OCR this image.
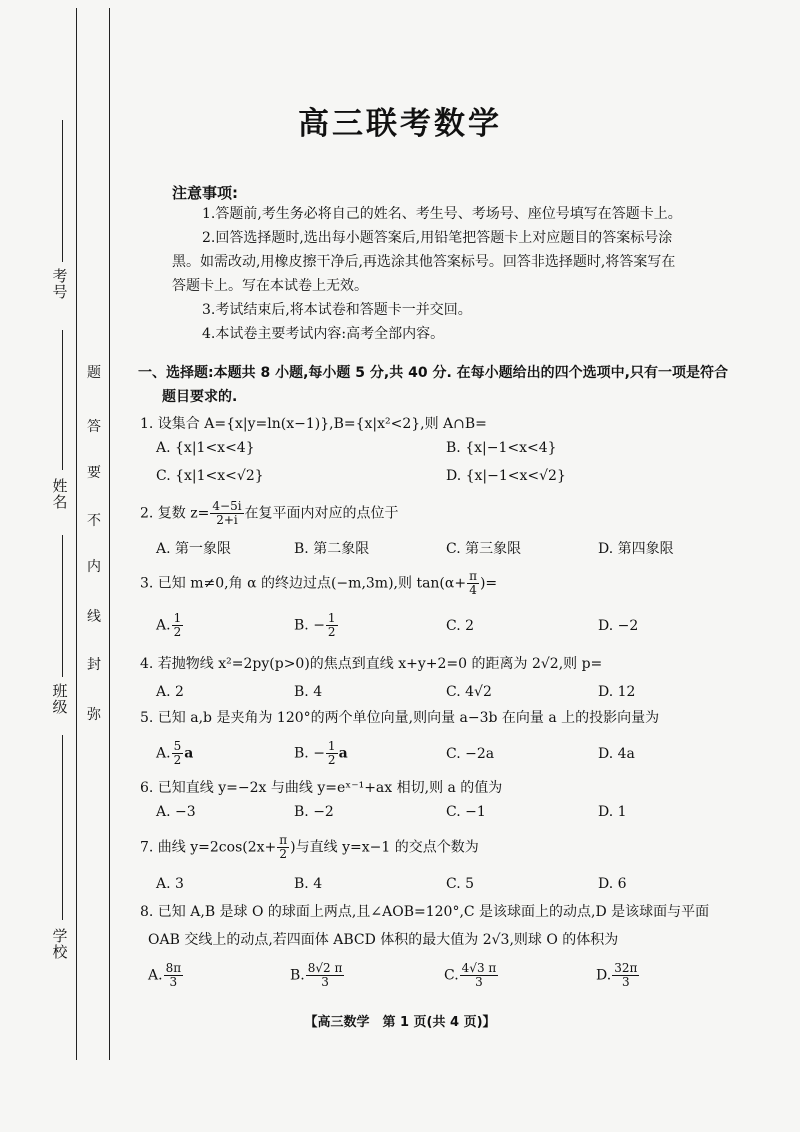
考号
姓名
班级
学校
题
答
要
不
内
线
封
弥
高三联考数学
注意事项:
1.答题前,考生务必将自己的姓名、考生号、考场号、座位号填写在答题卡上。
2.回答选择题时,选出每小题答案后,用铅笔把答题卡上对应题目的答案标号涂
黑。如需改动,用橡皮擦干净后,再选涂其他答案标号。回答非选择题时,将答案写在
答题卡上。写在本试卷上无效。
3.考试结束后,将本试卷和答题卡一并交回。
4.本试卷主要考试内容:高考全部内容。
一、选择题:本题共 8 小题,每小题 5 分,共 40 分. 在每小题给出的四个选项中,只有一项是符合
题目要求的.
1. 设集合 A={x|y=ln(x−1)},B={x|x²<2},则 A∩B=
A. {x|1<x<4}	B. {x|−1<x<4}
C. {x|1<x<√2}	D. {x|−1<x<√2}
2. 复数 $z= \frac{4-5i}{2+i}$ 在复平面内对应的点位于
A. 第一象限	B. 第二象限	C. 第三象限	D. 第四象限
3. 已知 m≠0,角 α 的终边过点(−m,3m),则 $\tan(\alpha+ \frac{\pi}{4}$ )=
A. $\frac{1}{2}$	B. − $\frac{1}{2}$	C. 2	D. −2
4. 若抛物线 x²=2py(p>0)的焦点到直线 x+y+2=0 的距离为 2√2,则 p=
A. 2	B. 4	C. 4√2	D. 12
5. 已知 a,b 是夹角为 120°的两个单位向量,则向量 a−3b 在向量 a 上的投影向量为
A. $\frac{5}{2}$ a	B. − $\frac{1}{2}$ a	C. −2a	D. 4a
6. 已知直线 y=−2x 与曲线 y=eˣ⁻¹+ax 相切,则 a 的值为
A. −3	B. −2	C. −1	D. 1
7. 曲线 $y=2\cos(2x+ \frac{\pi}{2}$ )与直线 y=x−1 的交点个数为
A. 3	B. 4	C. 5	D. 6
8. 已知 A,B 是球 O 的球面上两点,且∠AOB=120°,C 是该球面上的动点,D 是该球面与平面
OAB 交线上的动点,若四面体 ABCD 体积的最大值为 2√3,则球 O 的体积为
A. $\frac{8\pi}{3}$	B. $\frac{8√2 \pi}{3}$	C. $\frac{4√3 \pi}{3}$	D. $\frac{32\pi}{3}$
【高三数学　第 1 页(共 4 页)】
